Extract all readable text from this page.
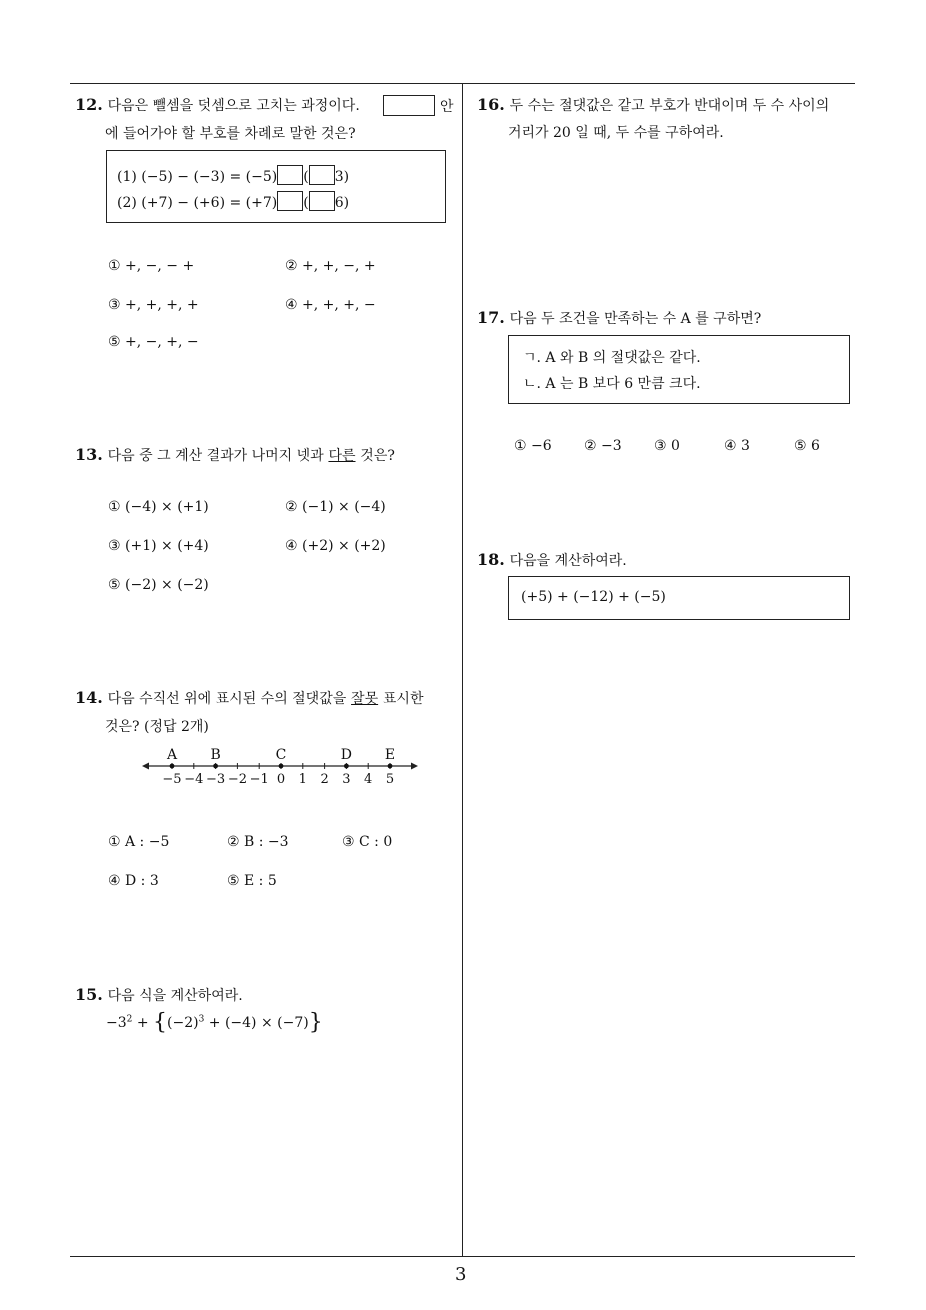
3
12. 다음은 뺄셈을 덧셈으로 고치는 과정이다.	안
에 들어가야 할 부호를 차례로 말한 것은?
(1) (−5) − (−3) = (−5) ( 3)
(2) (+7) − (+6) = (+7) ( 6)
① +, −, − +	② +, +, −, +
③ +, +, +, +	④ +, +, +, −
⑤ +, −, +, −
13. 다음 중 그 계산 결과가 나머지 넷과 다른 것은?
① (−4) × (+1)	② (−1) × (−4)
③ (+1) × (+4)	④ (+2) × (+2)
⑤ (−2) × (−2)
14. 다음 수직선 위에 표시된 수의 절댓값을 잘못 표시한
것은? (정답 2개)
−5 −4 −3 −2 −1 0 1 2 3 4 5
A B	C	D E
① A : −5	② B : −3	③ C : 0
④ D : 3	⑤ E : 5
15. 다음 식을 계산하여라.
$-3^2 + \{(-2)^3 + (-4) \times (-7)\}$
16. 두 수는 절댓값은 같고 부호가 반대이며 두 수 사이의
거리가 20 일 때, 두 수를 구하여라.
17. 다음 두 조건을 만족하는 수 A 를 구하면?
ㄱ. A 와 B 의 절댓값은 같다.
ㄴ. A 는 B 보다 6 만큼 크다.
① −6 ② −3 ③ 0	④ 3	⑤ 6
18. 다음을 계산하여라.
(+5) + (−12) + (−5)
